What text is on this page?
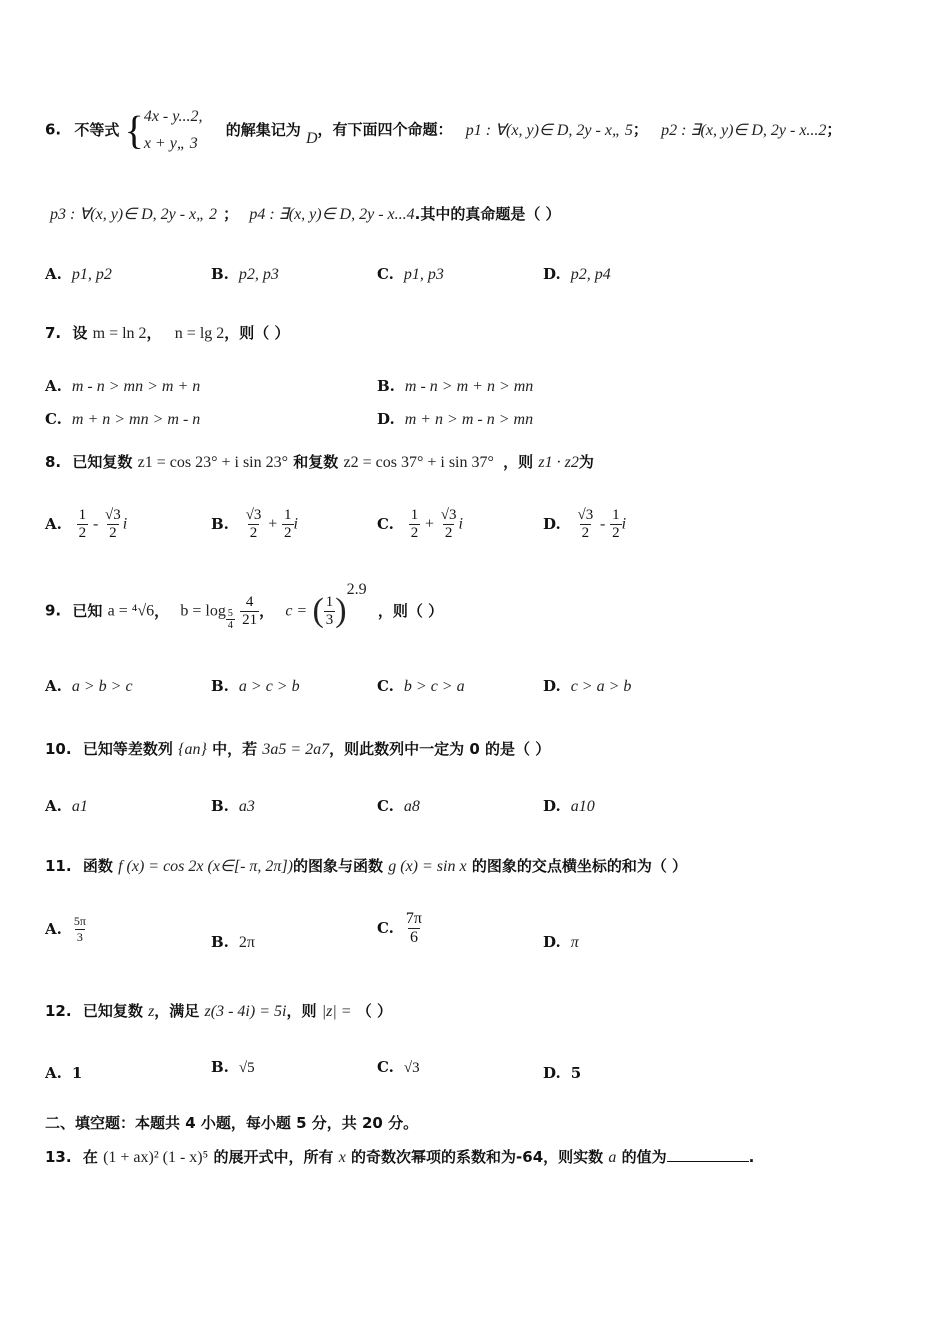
6. 不等式 {4x - y...2,
x + y„ 3 的解集记为 D，有下面四个命题： p1 : ∀(x, y)∈ D, 2y - x„ 5； p2 : ∃(x, y)∈ D, 2y - x...2；
p3 : ∀(x, y)∈ D, 2y - x„ 2 ； p4 : ∃(x, y)∈ D, 2y - x...4.其中的真命题是（ ）
A. p1, p2	B. p2, p3	C. p1, p3	D. p2, p4
7. 设 m = ln 2， n = lg 2，则（ ）
A. m - n > mn > m + n	B. m - n > m + n > mn
C. m + n > mn > m - n	D. m + n > m - n > mn
8. 已知复数 z1 = cos 23° + i sin 23° 和复数 z2 = cos 37° + i sin 37° ，则 z1 · z2为
A. $\frac{1}{2} - \frac{√3}{2}$ i	B. $\frac{√3}{2} + \frac{1}{2}$ i	C. $\frac{1}{2} + \frac{√3}{2}$ i	D. $\frac{√3}{2} - \frac{1}{2}$ i
9. 已知 a = ⁴√6， $b = \log \frac{5}{4}$
$\frac{4}{21}$ ， c = ( $\frac{1}{3} )^{2.9}$ ，则（ ）
A. a > b > c	B. a > c > b	C. b > c > a	D. c > a > b
10. 已知等差数列 {an} 中，若 3a5 = 2a7，则此数列中一定为 0 的是（ ）
A. a1	B. a3	C. a8	D. a10
11. 函数 f (x) = cos 2x (x∈[- π, 2π])的图象与函数 g (x) = sin x 的图象的交点横坐标的和为（ ）
A. $\frac{5\pi}{3}$	B. 2π
C. $\frac{7\pi}{6}$	D. π
12. 已知复数 z，满足 z(3 - 4i) = 5i，则 |z| = （ ）
A. 1	B. √5	C. √3	D. 5
二、填空题：本题共 4 小题，每小题 5 分，共 20 分。
13. 在 (1 + ax)² (1 - x)⁵ 的展开式中，所有 x 的奇数次幂项的系数和为-64，则实数 a 的值为	.
